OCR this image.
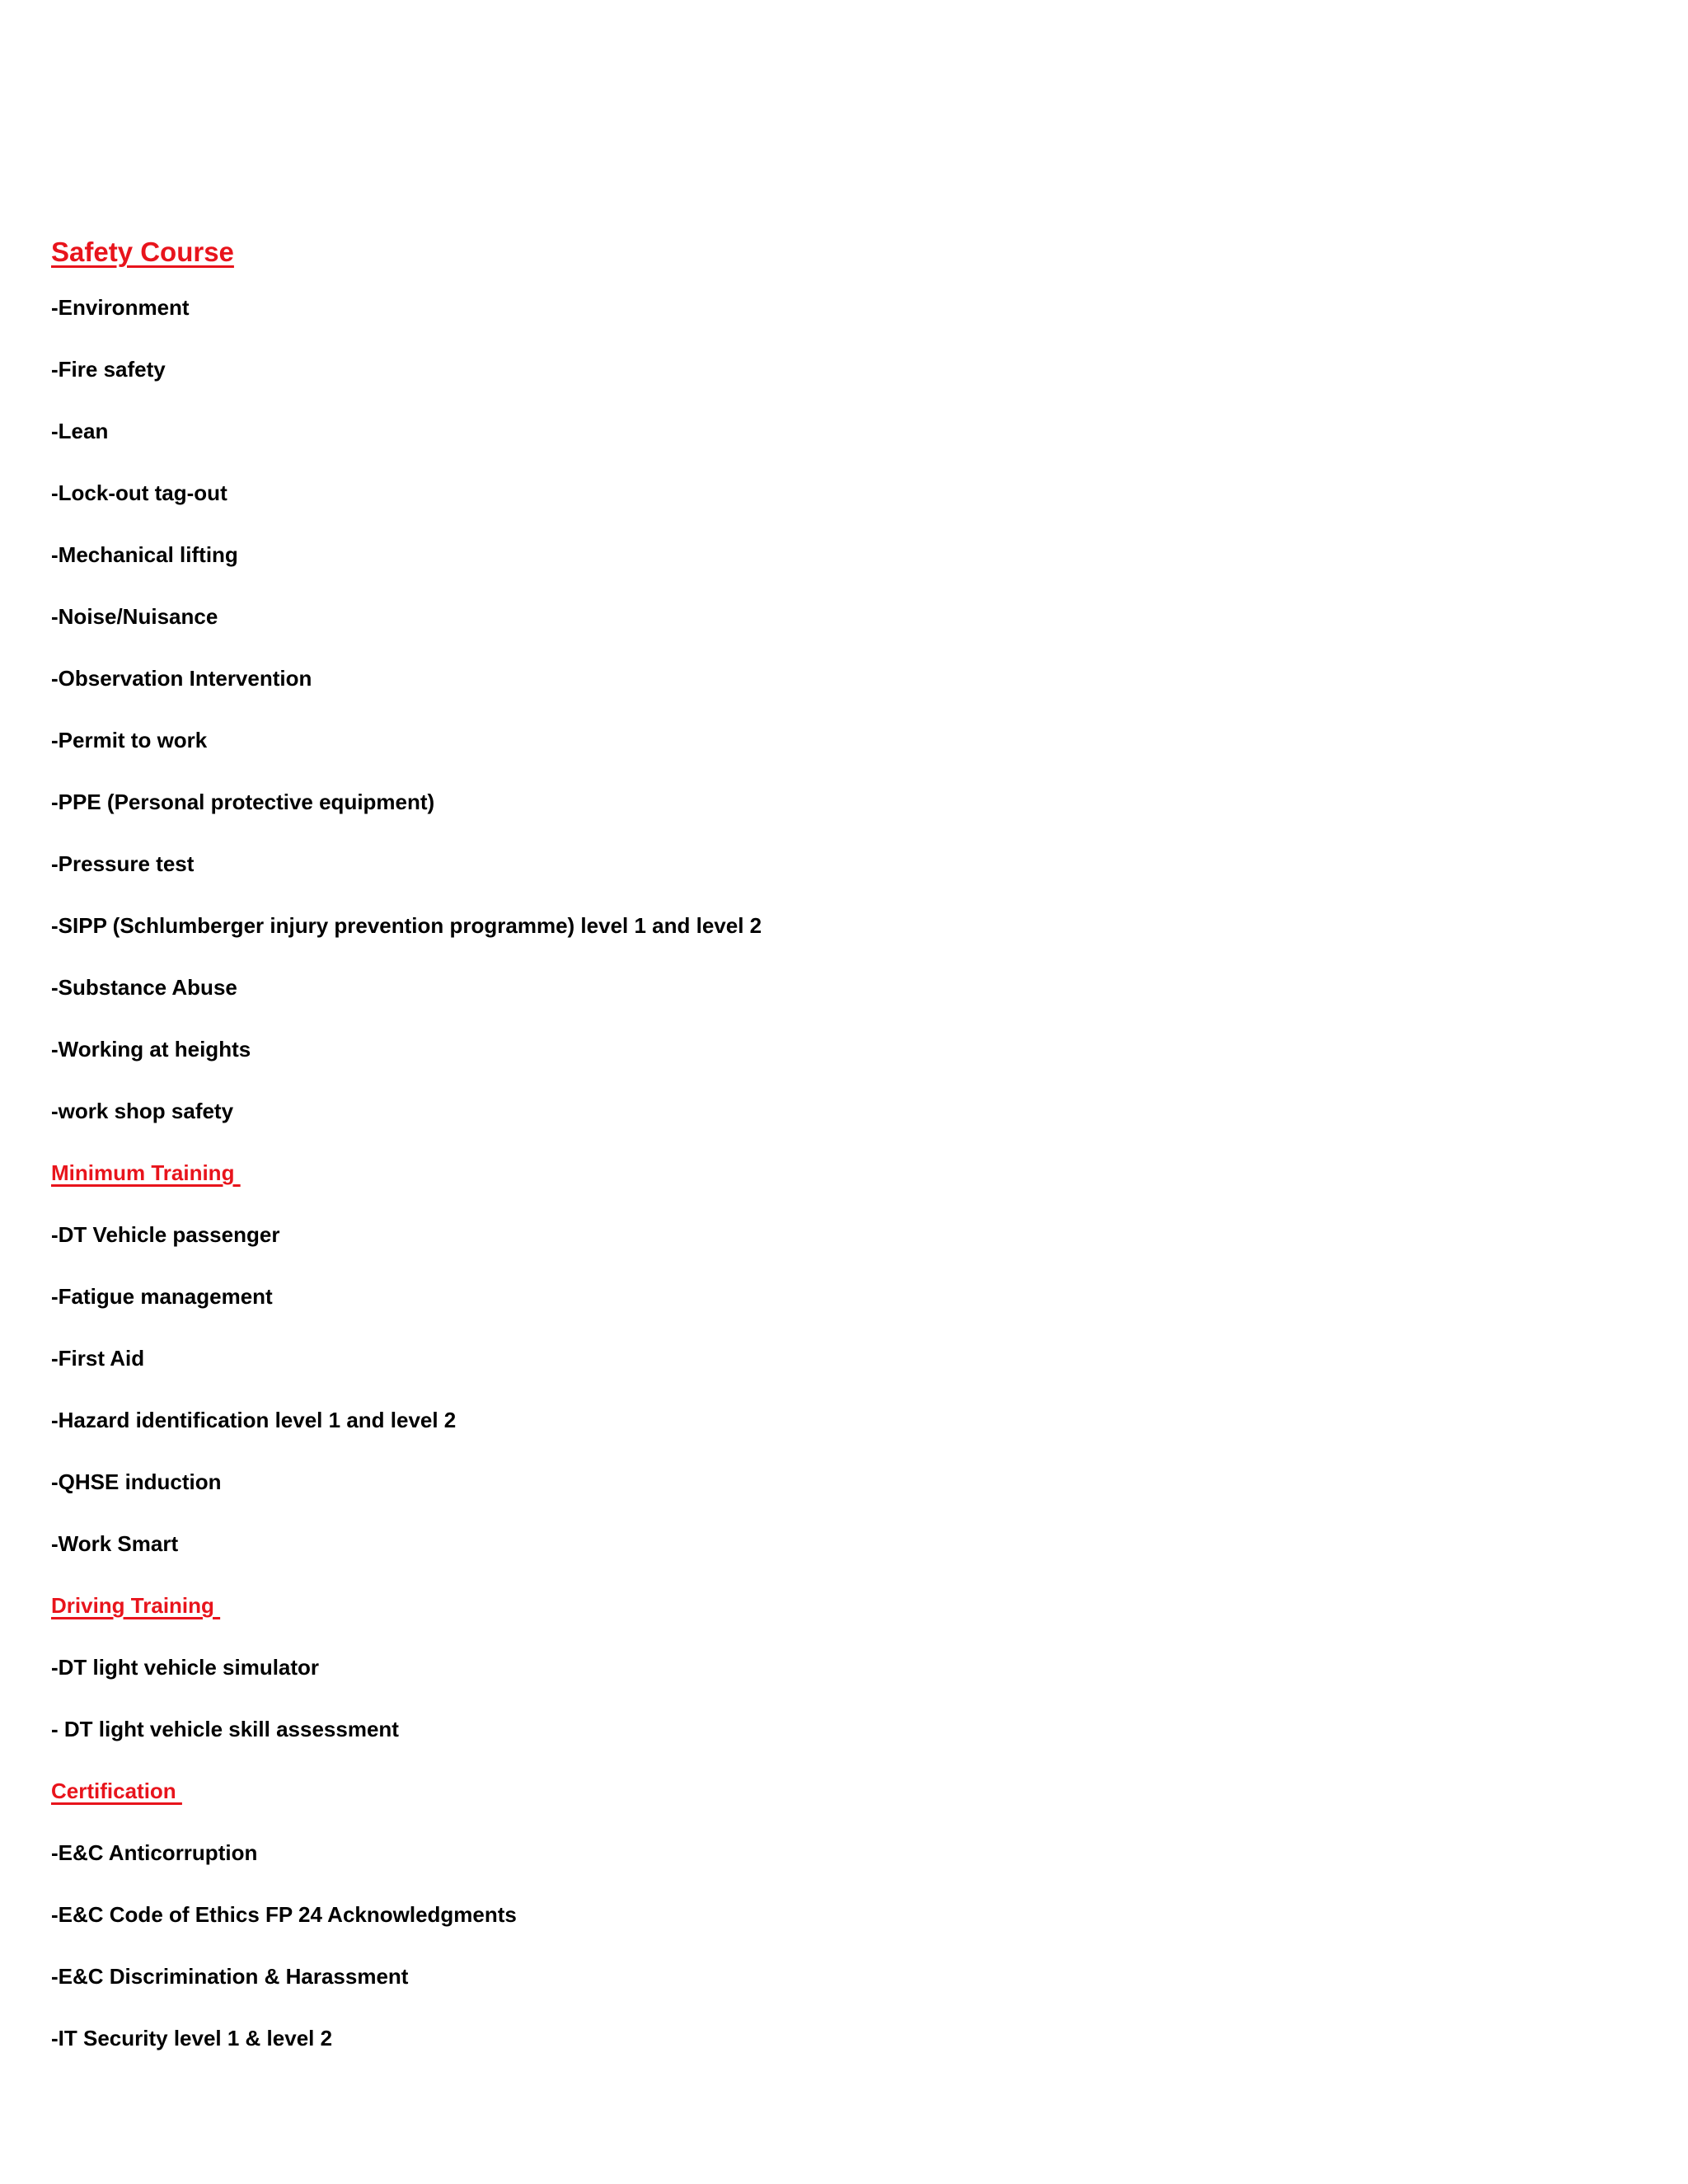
Safety Course
-Environment
-Fire safety
-Lean
-Lock-out tag-out
-Mechanical lifting
-Noise/Nuisance
-Observation Intervention
-Permit to work
-PPE (Personal protective equipment)
-Pressure test
-SIPP (Schlumberger injury prevention programme) level 1 and level 2
-Substance Abuse
-Working at heights
-work shop safety
Minimum Training
-DT Vehicle passenger
-Fatigue management
-First Aid
-Hazard identification level 1 and level 2
-QHSE induction
-Work Smart
Driving Training
-DT light vehicle simulator
- DT light vehicle skill assessment
Certification
-E&C Anticorruption
-E&C Code of Ethics FP 24 Acknowledgments
-E&C Discrimination & Harassment
-IT Security level 1 & level 2
